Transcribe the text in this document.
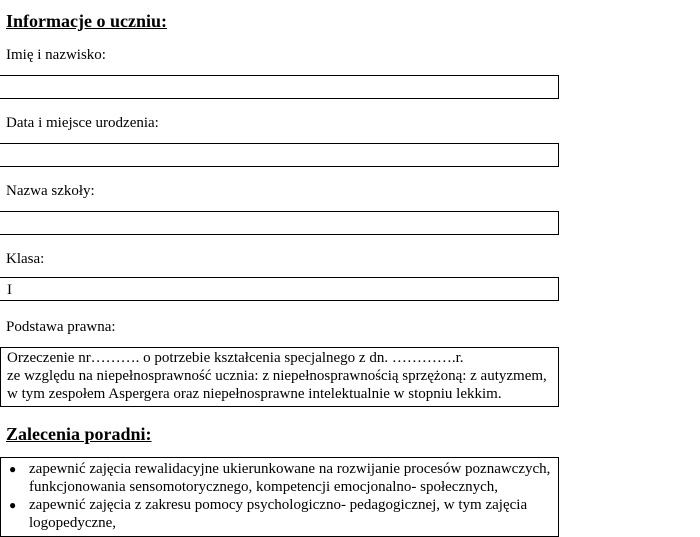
Informacje o uczniu:
Imię i nazwisko:
Data i miejsce urodzenia:
Nazwa szkoły:
Klasa:
I
Podstawa prawna:
Orzeczenie nr………. o potrzebie kształcenia specjalnego z dn. ………….r.
ze względu na niepełnosprawność ucznia: z niepełnosprawnością sprzężoną: z autyzmem,
w tym zespołem Aspergera oraz niepełnosprawne intelektualnie w stopniu lekkim.
Zalecenia poradni:
● zapewnić zajęcia rewalidacyjne ukierunkowane na rozwijanie procesów poznawczych,
funkcjonowania sensomotorycznego, kompetencji emocjonalno- społecznych,
● zapewnić zajęcia z zakresu pomocy psychologiczno- pedagogicznej, w tym zajęcia
logopedyczne,
